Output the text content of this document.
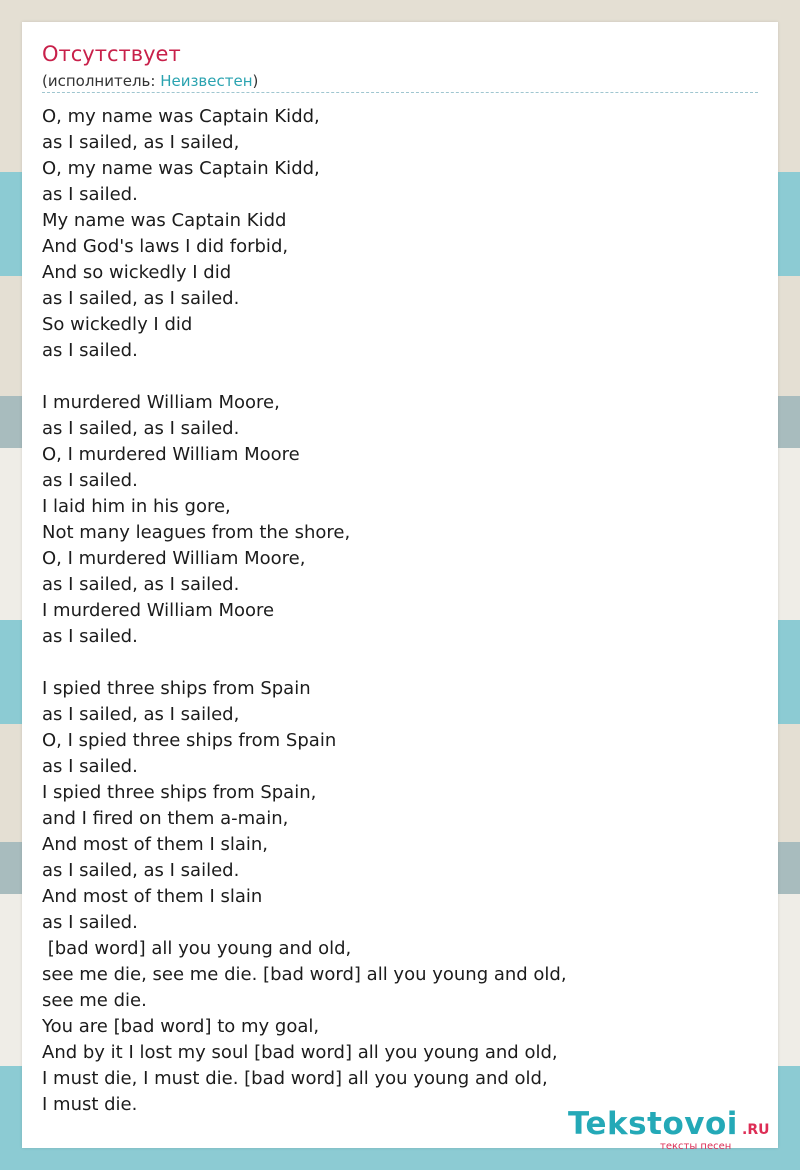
Отсутствует
(исполнитель: Неизвестен)
O, my name was Captain Kidd,
as I sailed, as I sailed,
O, my name was Captain Kidd,
as I sailed.
My name was Captain Kidd
And God's laws I did forbid,
And so wickedly I did
as I sailed, as I sailed.
So wickedly I did
as I sailed.
I murdered William Moore,
as I sailed, as I sailed.
O, I murdered William Moore
as I sailed.
I laid him in his gore,
Not many leagues from the shore,
O, I murdered William Moore,
as I sailed, as I sailed.
I murdered William Moore
as I sailed.
I spied three ships from Spain
as I sailed, as I sailed,
O, I spied three ships from Spain
as I sailed.
I spied three ships from Spain,
and I fired on them a-main,
And most of them I slain,
as I sailed, as I sailed.
And most of them I slain
as I sailed.
[bad word] all you young and old,
see me die, see me die. [bad word] all you young and old,
see me die.
You are [bad word] to my goal,
And by it I lost my soul [bad word] all you young and old,
I must die, I must die. [bad word] all you young and old,
I must die.
Tekstovoi .RU
тексты песен
